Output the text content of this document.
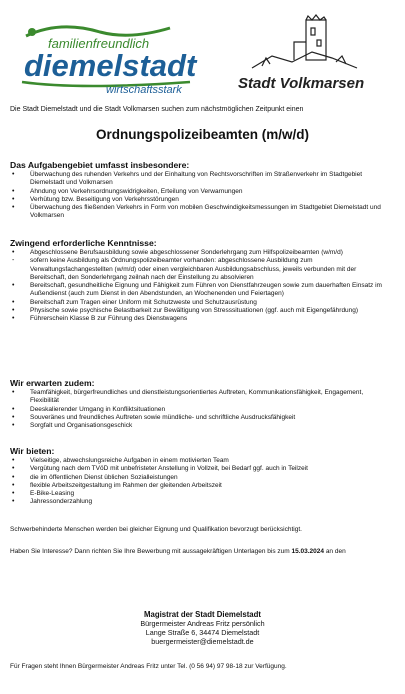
familienfreundlich
diemelstadt
wirtschaftsstark	Stadt Volkmarsen
Die Stadt Diemelstadt und die Stadt Volkmarsen suchen zum nächstmöglichen Zeitpunkt einen
Ordnungspolizeibeamten (m/w/d)
Das Aufgabengebiet umfasst insbesondere:
• Überwachung des ruhenden Verkehrs und der Einhaltung von Rechtsvorschriften im Straßenverkehr im Stadtgebiet Diemelstadt und Volkmarsen
• Ahndung von Verkehrsordnungswidrigkeiten, Erteilung von Verwarnungen
• Verhütung bzw. Beseitigung von Verkehrsstörungen
• Überwachung des fließenden Verkehrs in Form von mobilen Geschwindigkeitsmessungen im Stadtgebiet Diemelstadt und Volkmarsen
Zwingend erforderliche Kenntnisse:
• Abgeschlossene Berufsausbildung sowie abgeschlossener Sonderlehrgang zum Hilfspolizeibeamten (w/m/d)
- sofern keine Ausbildung als Ordnungspolizeibeamter vorhanden: abgeschlossene Ausbildung zum Verwaltungsfachangestellten (w/m/d) oder einen vergleichbaren Ausbildungsabschluss, jeweils verbunden mit der Bereitschaft, den Sonderlehrgang zeilnah nach der Einstellung zu absolvieren
• Bereitschaft, gesundheitliche Eignung und Fähigkeit zum Führen von Dienstfahrzeugen sowie zum dauerhaften Einsatz im Außendienst (auch zum Dienst in den Abendstunden, an Wochenenden und Feiertagen)
• Bereitschaft zum Tragen einer Uniform mit Schutzweste und Schutzausrüstung
• Physische sowie psychische Belastbarkeit zur Bewältigung von Stresssituationen (ggf. auch mit Eigengefährdung)
• Führerschein Klasse B zur Führung des Dienstwagens
Wir erwarten zudem:
• Teamfähigkeit, bürgerfreundliches und dienstleistungsorientiertes Auftreten, Kommunikationsfähigkeit, Engagement, Flexibilität
• Deeskalierender Umgang in Konfliktsituationen
• Souveränes und freundliches Auftreten sowie mündliche- und schriftliche Ausdrucksfähigkeit
• Sorgfalt und Organisationsgeschick
Wir bieten:
• Vielseitige, abwechslungsreiche Aufgaben in einem motivierten Team
• Vergütung nach dem TVöD mit unbefristeter Anstellung in Vollzeit, bei Bedarf ggf. auch in Teilzeit
• die im öffentlichen Dienst üblichen Sozialleistungen
• flexible Arbeitszeitgestaltung im Rahmen der gleitenden Arbeitszeit
• E-Bike-Leasing
• Jahressonderzahlung
Schwerbehinderte Menschen werden bei gleicher Eignung und Qualifikation bevorzugt berücksichtigt.
Haben Sie Interesse? Dann richten Sie Ihre Bewerbung mit aussagekräftigen Unterlagen bis zum 15.03.2024 an den
Magistrat der Stadt Diemelstadt
Bürgermeister Andreas Fritz persönlich
Lange Straße 6, 34474 Diemelstadt
buergermeister@diemelstadt.de
Für Fragen steht Ihnen Bürgermeister Andreas Fritz unter Tel. (0 56 94) 97 98-18 zur Verfügung.
